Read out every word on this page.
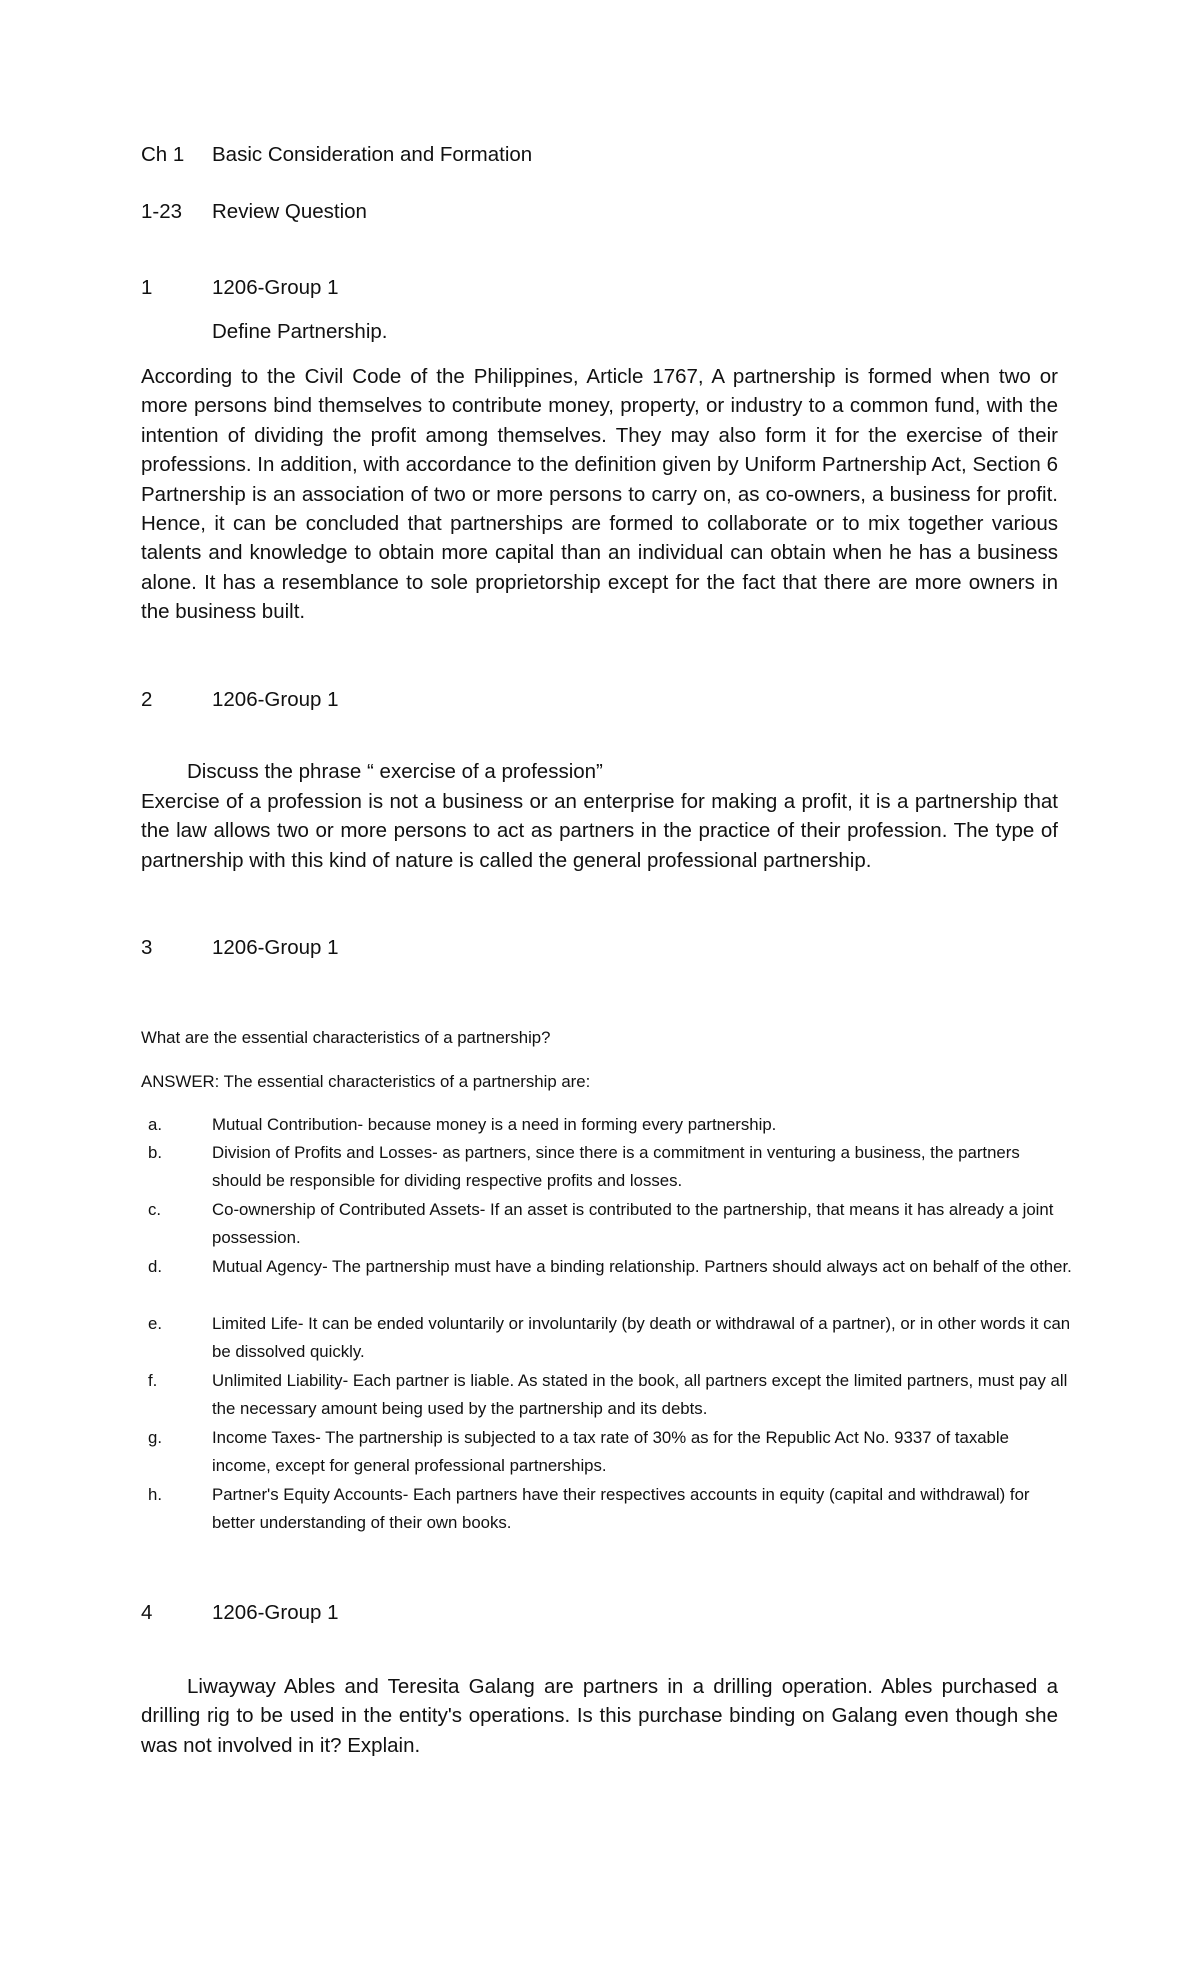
Ch 1 Basic Consideration and Formation
1-23 Review Question
1	1206-Group 1
Define Partnership.
According to the Civil Code of the Philippines, Article 1767, A partnership is formed when two or more persons bind themselves to contribute money, property, or industry to a common fund, with the intention of dividing the profit among themselves. They may also form it for the exercise of their professions. In addition, with accordance to the definition given by Uniform Partnership Act, Section 6 Partnership is an association of two or more persons to carry on, as co-owners, a business for profit. Hence, it can be concluded that partnerships are formed to collaborate or to mix together various talents and knowledge to obtain more capital than an individual can obtain when he has a business alone. It has a resemblance to sole proprietorship except for the fact that there are more owners in the business built.
2	1206-Group 1
Discuss the phrase “ exercise of a profession”
Exercise of a profession is not a business or an enterprise for making a profit, it is a partnership that the law allows two or more persons to act as partners in the practice of their profession. The type of partnership with this kind of nature is called the general professional partnership.
3	1206-Group 1
What are the essential characteristics of a partnership?
ANSWER: The essential characteristics of a partnership are:
a.	Mutual Contribution- because money is a need in forming every partnership.
b.	Division of Profits and Losses- as partners, since there is a commitment in venturing a business, the partners should be responsible for dividing respective profits and losses.
c.	Co-ownership of Contributed Assets- If an asset is contributed to the partnership, that means it has already a joint possession.
d.	Mutual Agency- The partnership must have a binding relationship. Partners should always act on behalf of the other.
e.	Limited Life- It can be ended voluntarily or involuntarily (by death or withdrawal of a partner), or in other words it can be dissolved quickly.
f.	Unlimited Liability- Each partner is liable. As stated in the book, all partners except the limited partners, must pay all the necessary amount being used by the partnership and its debts.
g.	Income Taxes- The partnership is subjected to a tax rate of 30% as for the Republic Act No. 9337 of taxable income, except for general professional partnerships.
h.	Partner's Equity Accounts- Each partners have their respectives accounts in equity (capital and withdrawal) for better understanding of their own books.
4	1206-Group 1
Liwayway Ables and Teresita Galang are partners in a drilling operation. Ables purchased a drilling rig to be used in the entity's operations. Is this purchase binding on Galang even though she was not involved in it? Explain.
